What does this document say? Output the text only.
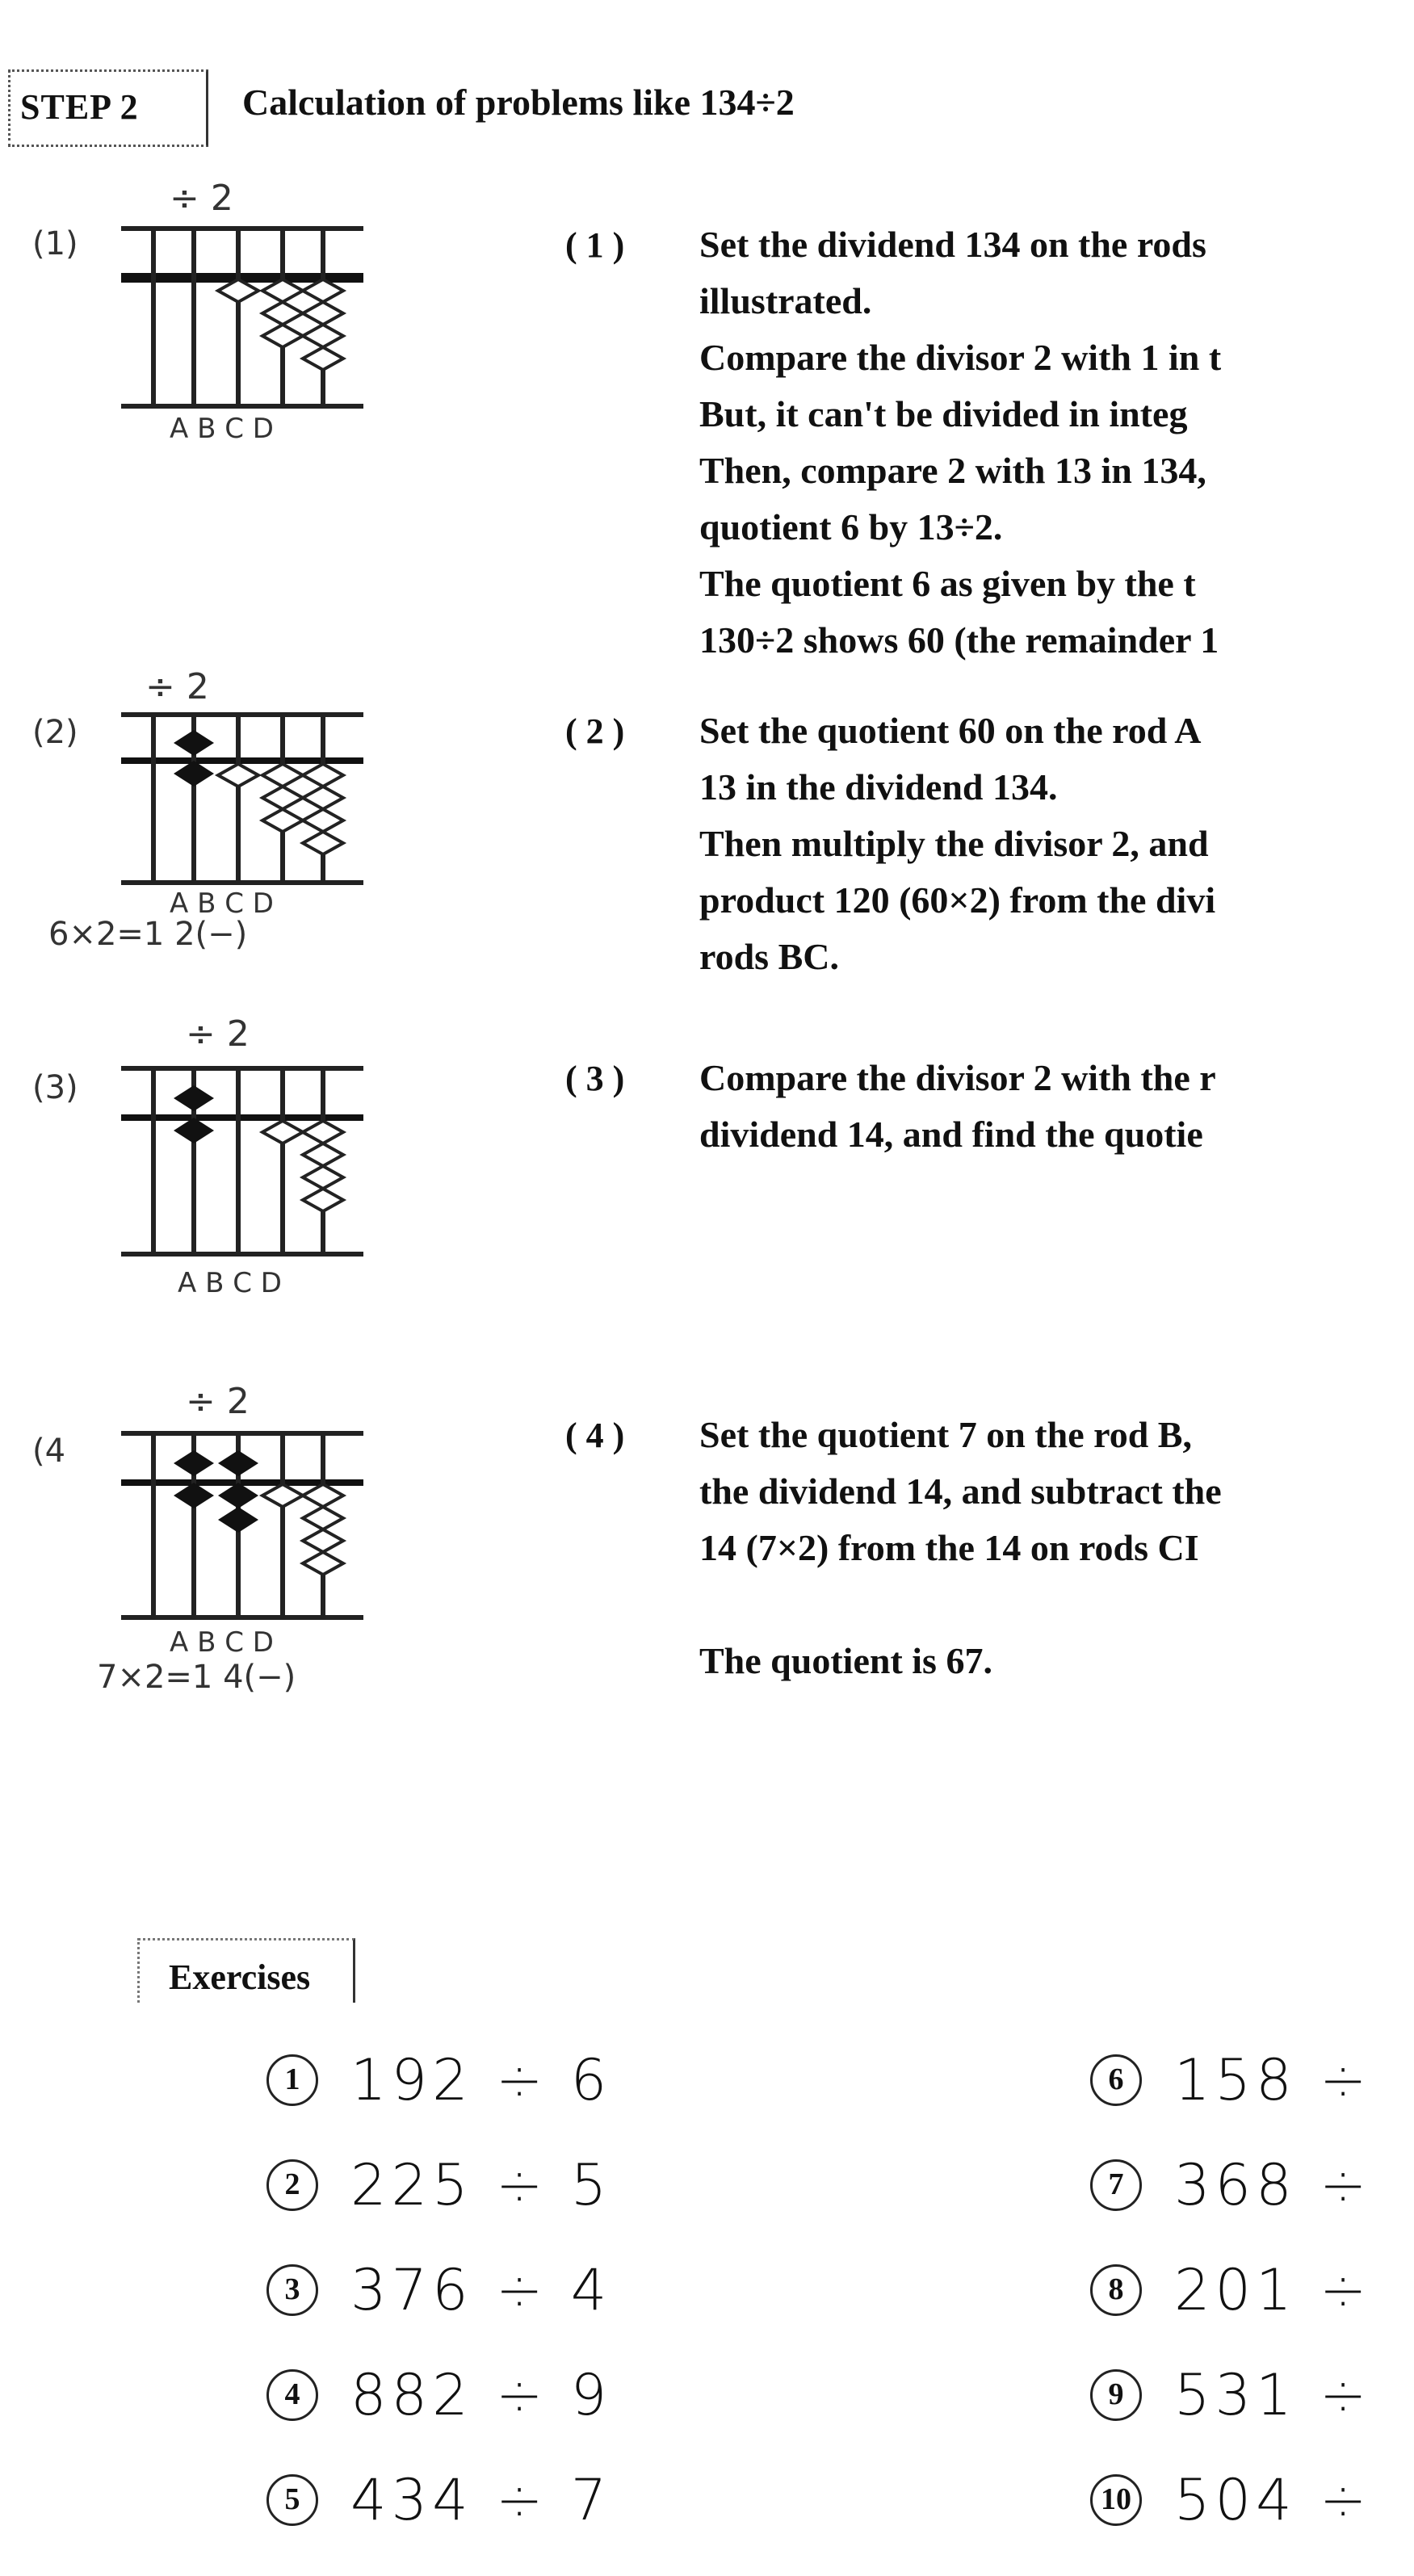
STEP 2	Calculation of problems like 134÷2
(1)
÷ 2
A B C D
(2)
÷ 2
A B C D
6×2=1 2(−)
(3)
÷ 2
A B C D
(4
÷ 2
A B C D
7×2=1 4(−)
( 1 ) Set the dividend 134 on the rods
illustrated.
Compare the divisor 2 with 1 in t
But, it can't be divided in integ
Then, compare 2 with 13 in 134,
quotient 6 by 13÷2.
The quotient 6 as given by the t
130÷2 shows 60 (the remainder 1
( 2 ) Set the quotient 60 on the rod A
13 in the dividend 134.
Then multiply the divisor 2, and
product 120 (60×2) from the divi
rods BC.
( 3 ) Compare the divisor 2 with the r
dividend 14, and find the quotie
( 4 ) Set the quotient 7 on the rod B,
the dividend 14, and subtract the
14 (7×2) from the 14 on rods CI
The quotient is 67.
Exercises
1 192 ÷ 6
2 225 ÷ 5
3 376 ÷ 4
4 882 ÷ 9
5 434 ÷ 7
6 158 ÷
7 368 ÷
8 201 ÷
9 531 ÷
10 504 ÷
